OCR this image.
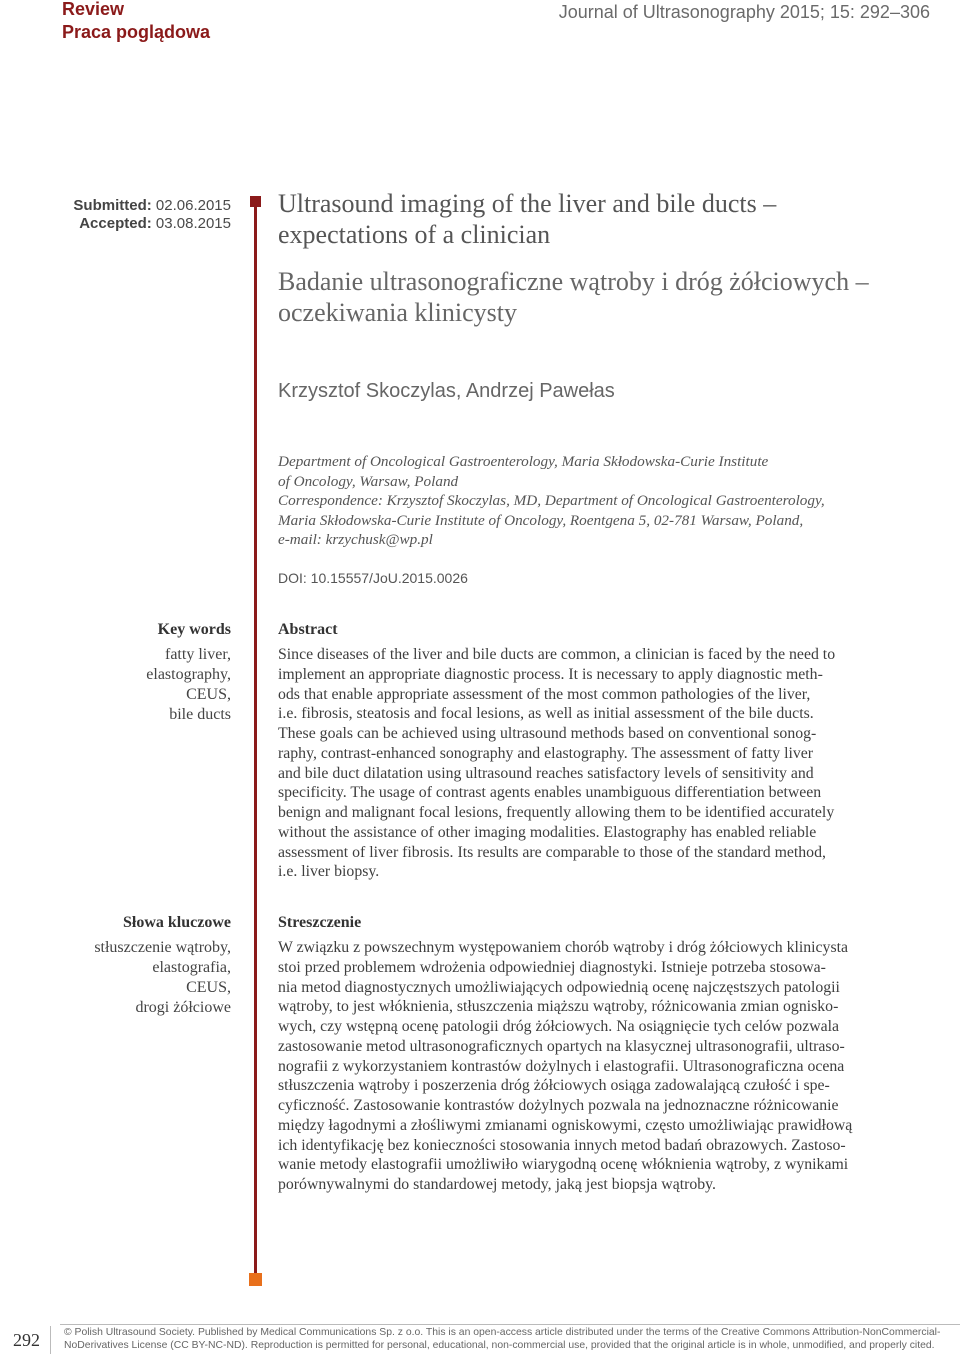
Review
Praca poglądowa
Journal of Ultrasonography 2015; 15: 292–306
Submitted: 02.06.2015
Accepted: 03.08.2015
Ultrasound imaging of the liver and bile ducts –
expectations of a clinician
Badanie ultrasonograficzne wątroby i dróg żółciowych –
oczekiwania klinicysty
Krzysztof Skoczylas, Andrzej Pawełas
Department of Oncological Gastroenterology, Maria Skłodowska-Curie Institute
of Oncology, Warsaw, Poland
Correspondence: Krzysztof Skoczylas, MD, Department of Oncological Gastroenterology,
Maria Skłodowska-Curie Institute of Oncology, Roentgena 5, 02-781 Warsaw, Poland,
e-mail: krzychusk@wp.pl
DOI: 10.15557/JoU.2015.0026
Key words
fatty liver,
elastography,
CEUS,
bile ducts
Abstract
Since diseases of the liver and bile ducts are common, a clinician is faced by the need to
implement an appropriate diagnostic process. It is necessary to apply diagnostic meth-
ods that enable appropriate assessment of the most common pathologies of the liver,
i.e. fibrosis, steatosis and focal lesions, as well as initial assessment of the bile ducts.
These goals can be achieved using ultrasound methods based on conventional sonog-
raphy, contrast-enhanced sonography and elastography. The assessment of fatty liver
and bile duct dilatation using ultrasound reaches satisfactory levels of sensitivity and
specificity. The usage of contrast agents enables unambiguous differentiation between
benign and malignant focal lesions, frequently allowing them to be identified accurately
without the assistance of other imaging modalities. Elastography has enabled reliable
assessment of liver fibrosis. Its results are comparable to those of the standard method,
i.e. liver biopsy.
Słowa kluczowe
stłuszczenie wątroby,
elastografia,
CEUS,
drogi żółciowe
Streszczenie
W związku z powszechnym występowaniem chorób wątroby i dróg żółciowych klinicysta
stoi przed problemem wdrożenia odpowiedniej diagnostyki. Istnieje potrzeba stosowa-
nia metod diagnostycznych umożliwiających odpowiednią ocenę najczęstszych patologii
wątroby, to jest włóknienia, stłuszczenia miąższu wątroby, różnicowania zmian ognisko-
wych, czy wstępną ocenę patologii dróg żółciowych. Na osiągnięcie tych celów pozwala
zastosowanie metod ultrasonograficznych opartych na klasycznej ultrasonografii, ultraso-
nografii z wykorzystaniem kontrastów dożylnych i elastografii. Ultrasonograficzna ocena
stłuszczenia wątroby i poszerzenia dróg żółciowych osiąga zadowalającą czułość i spe-
cyficzność. Zastosowanie kontrastów dożylnych pozwala na jednoznaczne różnicowanie
między łagodnymi a złośliwymi zmianami ogniskowymi, często umożliwiając prawidłową
ich identyfikację bez konieczności stosowania innych metod badań obrazowych. Zastoso-
wanie metody elastografii umożliwiło wiarygodną ocenę włóknienia wątroby, z wynikami
porównywalnymi do standardowej metody, jaką jest biopsja wątroby.
292 © Polish Ultrasound Society. Published by Medical Communications Sp. z o.o. This is an open-access article distributed under the terms of the Creative Commons Attribution-NonCommercial-
NoDerivatives License (CC BY-NC-ND). Reproduction is permitted for personal, educational, non-commercial use, provided that the original article is in whole, unmodified, and properly cited.
